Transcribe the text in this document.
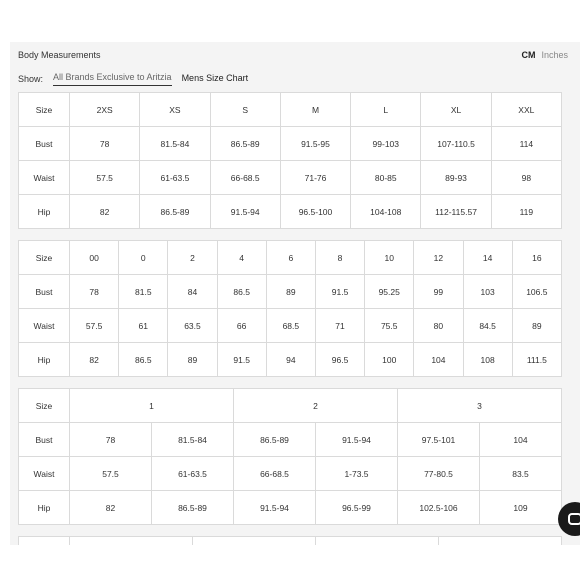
Body Measurements	CM Inches
Show: All Brands Exclusive to Aritzia Mens Size Chart
Size	2XS	XS	S	M	L	XL	XXL
Bust	78	81.5-84	86.5-89	91.5-95	99-103	107-110.5	114
Waist	57.5	61-63.5	66-68.5	71-76	80-85	89-93	98
Hip	82	86.5-89	91.5-94	96.5-100	104-108	112-115.57	119
Size	00	0	2	4	6	8	10	12	14	16
Bust	78	81.5	84	86.5	89	91.5	95.25	99	103	106.5
Waist	57.5	61	63.5	66	68.5	71	75.5	80	84.5	89
Hip	82	86.5	89	91.5	94	96.5	100	104	108	111.5
Size	1		2		3	
Bust	78	81.5-84	86.5-89	91.5-94	97.5-101	104
Waist	57.5	61-63.5	66-68.5	1-73.5	77-80.5	83.5
Hip	82	86.5-89	91.5-94	96.5-99	102.5-106	109
